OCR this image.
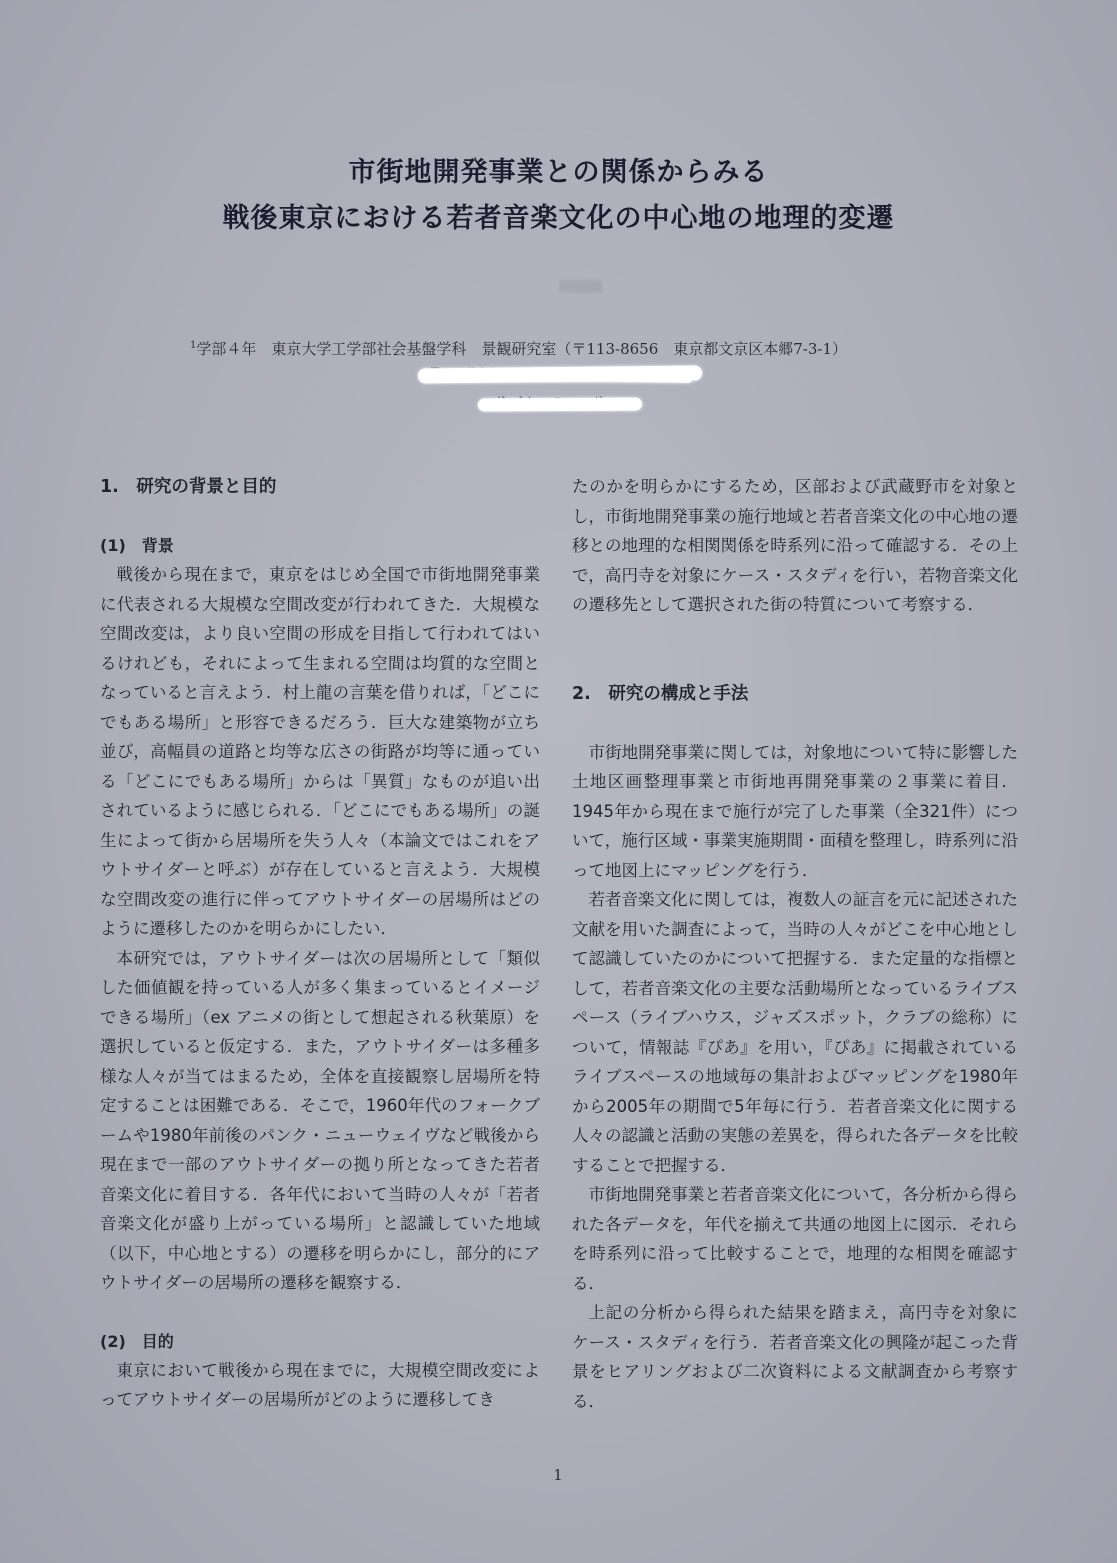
市街地開発事業との関係からみる
戦後東京における若者音楽文化の中心地の地理的変遷
░░░░░
$^1$学部４年　東京大学工学部社会基盤学科　景観研究室（〒113-8656　東京都文京区本郷7-3-1）
1.　研究の背景と目的
(1)　背景

戦後から現在まで，東京をはじめ全国で市街地開発事業に代表される大規模な空間改変が行われてきた．大規模な空間改変は，より良い空間の形成を目指して行われてはいるけれども，それによって生まれる空間は均質的な空間となっていると言えよう．村上龍の言葉を借りれば，「どこにでもある場所」と形容できるだろう．巨大な建築物が立ち並び，高幅員の道路と均等な広さの街路が均等に通っている「どこにでもある場所」からは「異質」なものが追い出されているように感じられる．「どこにでもある場所」の誕生によって街から居場所を失う人々（本論文ではこれをアウトサイダーと呼ぶ）が存在していると言えよう．大規模な空間改変の進行に伴ってアウトサイダーの居場所はどのように遷移したのかを明らかにしたい．

本研究では，アウトサイダーは次の居場所として「類似した価値観を持っている人が多く集まっているとイメージできる場所」（ex アニメの街として想起される秋葉原）を選択していると仮定する．また，アウトサイダーは多種多様な人々が当てはまるため，全体を直接観察し居場所を特定することは困難である．そこで，1960年代のフォークブームや1980年前後のパンク・ニューウェイヴなど戦後から現在まで一部のアウトサイダーの拠り所となってきた若者音楽文化に着目する．各年代において当時の人々が「若者音楽文化が盛り上がっている場所」と認識していた地域（以下，中心地とする）の遷移を明らかにし，部分的にアウトサイダーの居場所の遷移を観察する．

(2)　目的

東京において戦後から現在までに，大規模空間改変によってアウトサイダーの居場所がどのように遷移してき

たのかを明らかにするため，区部および武蔵野市を対象とし，市街地開発事業の施行地域と若者音楽文化の中心地の遷移との地理的な相関関係を時系列に沿って確認する．その上で，高円寺を対象にケース・スタディを行い，若物音楽文化の遷移先として選択された街の特質について考察する．

2.　研究の構成と手法

市街地開発事業に関しては，対象地について特に影響した土地区画整理事業と市街地再開発事業の２事業に着目．1945年から現在まで施行が完了した事業（全321件）について，施行区域・事業実施期間・面積を整理し，時系列に沿って地図上にマッピングを行う．

若者音楽文化に関しては，複数人の証言を元に記述された文献を用いた調査によって，当時の人々がどこを中心地として認識していたのかについて把握する．また定量的な指標として，若者音楽文化の主要な活動場所となっているライブスペース（ライブハウス，ジャズスポット，クラブの総称）について，情報誌『ぴあ』を用い，『ぴあ』に掲載されているライブスペースの地域毎の集計およびマッピングを1980年から2005年の期間で5年毎に行う．若者音楽文化に関する人々の認識と活動の実態の差異を，得られた各データを比較することで把握する．

市街地開発事業と若者音楽文化について，各分析から得られた各データを，年代を揃えて共通の地図上に図示．それらを時系列に沿って比較することで，地理的な相関を確認する．

上記の分析から得られた結果を踏まえ，高円寺を対象にケース・スタディを行う．若者音楽文化の興隆が起こった背景をヒアリングおよび二次資料による文献調査から考察する．

1
